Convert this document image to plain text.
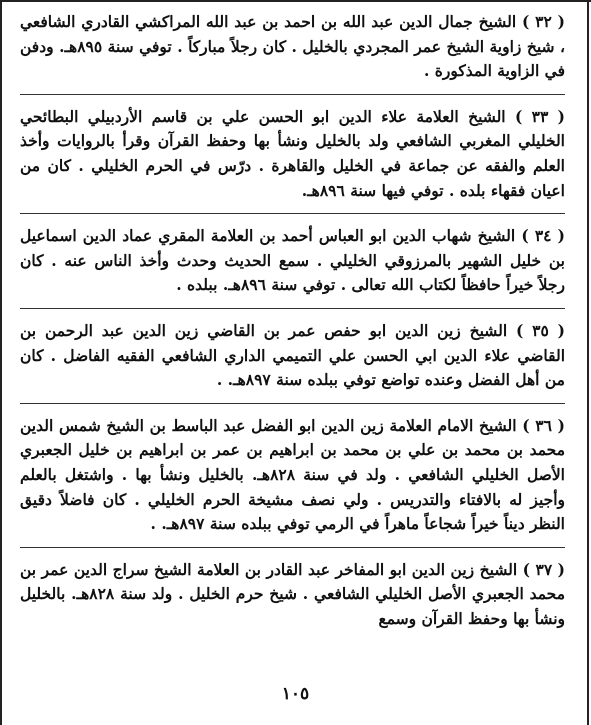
( ٣٢ ) الشيخ جمال الدين عبد الله بن احمد بن عبد الله المراكشي القادري الشافعي ، شيخ زاوية الشيخ عمر المجردي بالخليل . كان رجلاً مباركاً . توفي سنة ٨٩٥هـ. ودفن في الزاوية المذكورة .

( ٣٣ ) الشيخ العلامة علاء الدين ابو الحسن علي بن قاسم الأردبيلي البطائحي الخليلي المغربي الشافعي ولد بالخليل ونشأ بها وحفظ القرآن وقرأ بالروايات وأخذ العلم والفقه عن جماعة في الخليل والقاهرة . درّس في الحرم الخليلي . كان من اعيان فقهاء بلده . توفي فيها سنة ٨٩٦هـ.

( ٣٤ ) الشيخ شهاب الدين ابو العباس أحمد بن العلامة المقري عماد الدين اسماعيل بن خليل الشهير بالمرزوقي الخليلي . سمع الحديث وحدث وأخذ الناس عنه . كان رجلاً خيراً حافظاً لكتاب الله تعالى . توفي سنة ٨٩٦هـ. ببلده .

( ٣٥ ) الشيخ زين الدين ابو حفص عمر بن القاضي زين الدين عبد الرحمن بن القاضي علاء الدين ابي الحسن علي التميمي الداري الشافعي الفقيه الفاضل . كان من أهل الفضل وعنده تواضع توفي ببلده سنة ٨٩٧هـ. .

( ٣٦ ) الشيخ الامام العلامة زين الدين ابو الفضل عبد الباسط بن الشيخ شمس الدين محمد بن محمد بن علي بن محمد بن ابراهيم بن عمر بن ابراهيم بن خليل الجعبري الأصل الخليلي الشافعي . ولد في سنة ٨٢٨هـ. بالخليل ونشأ بها . واشتغل بالعلم وأجيز له بالافتاء والتدريس . ولي نصف مشيخة الحرم الخليلي . كان فاضلاً دقيق النظر ديناً خيراً شجاعاً ماهراً في الرمي توفي ببلده سنة ٨٩٧هـ. .

( ٣٧ ) الشيخ زين الدين ابو المفاخر عبد القادر بن العلامة الشيخ سراج الدين عمر بن محمد الجعبري الأصل الخليلي الشافعي . شيخ حرم الخليل . ولد سنة ٨٢٨هـ. بالخليل ونشأ بها وحفظ القرآن وسمع

١٠٥
